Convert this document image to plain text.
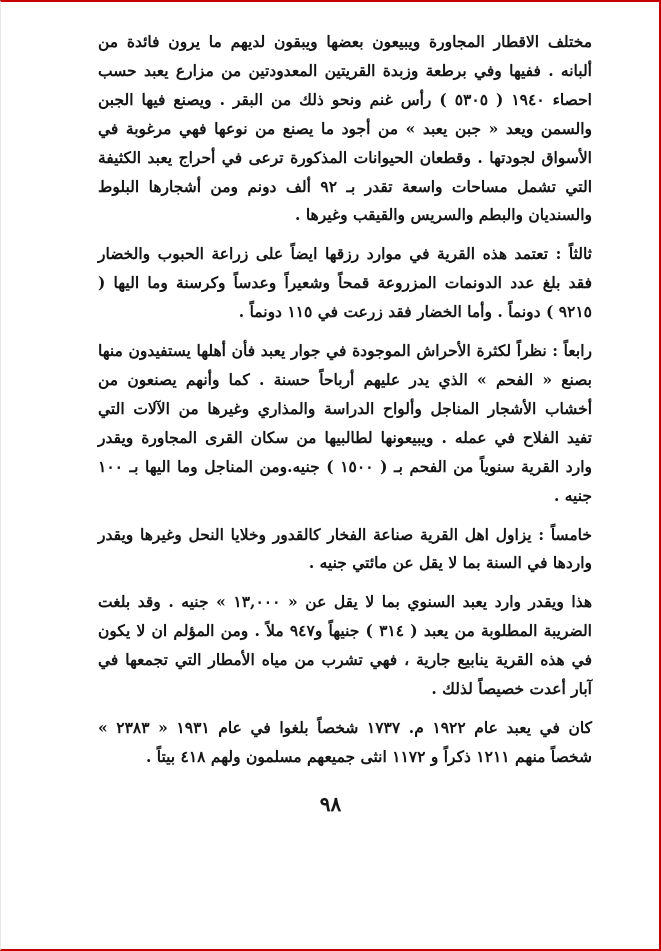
مختلف الاقطار المجاورة ويبيعون بعضها ويبقون لديهم ما يرون فائدة من ألبانه . ففيها وفي برطعة وزبدة القريتين المعدودتين من مزارع يعبد حسب احصاء ١٩٤٠ ( ٥٣٠٥ ) رأس غنم ونحو ذلك من البقر . ويصنع فيها الجبن والسمن ويعد « جبن يعبد » من أجود ما يصنع من نوعها فهي مرغوبة في الأسواق لجودتها . وقطعان الحيوانات المذكورة ترعى في أحراج يعبد الكثيفة التي تشمل مساحات واسعة تقدر بـ ٩٢ ألف دونم ومن أشجارها البلوط والسنديان والبطم والسريس والقيقب وغيرها .

ثالثاً : تعتمد هذه القرية في موارد رزقها ايضاً على زراعة الحبوب والخضار فقد بلغ عدد الدونمات المزروعة قمحاً وشعيراً وعدساً وكرسنة وما اليها ( ٩٢١٥ ) دونماً . وأما الخضار فقد زرعت في ١١٥ دونماً .

رابعاً : نظراً لكثرة الأحراش الموجودة في جوار يعبد فأن أهلها يستفيدون منها بصنع « الفحم » الذي يدر عليهم أرباحاً حسنة . كما وأنهم يصنعون من أخشاب الأشجار المناجل وألواح الدراسة والمذاري وغيرها من الآلات التي تفيد الفلاح في عمله . ويبيعونها لطالبيها من سكان القرى المجاورة ويقدر وارد القرية سنوياً من الفحم بـ ( ١٥٠٠ ) جنيه.ومن المناجل وما اليها بـ ١٠٠ جنيه .

خامساً : يزاول اهل القرية صناعة الفخار كالقدور وخلايا النحل وغيرها ويقدر واردها في السنة بما لا يقل عن مائتي جنيه .

هذا ويقدر وارد يعبد السنوي بما لا يقل عن « ١٣,٠٠٠ » جنيه . وقد بلغت الضريبة المطلوبة من يعبد ( ٣١٤ ) جنيهاً و٩٤٧ ملاً . ومن المؤلم ان لا يكون في هذه القرية ينابيع جارية ، فهي تشرب من مياه الأمطار التي تجمعها في آبار أعدت خصيصاً لذلك .

كان في يعبد عام ١٩٢٢ م. ١٧٣٧ شخصاً بلغوا في عام ١٩٣١ « ٢٣٨٣ » شخصاً منهم ١٢١١ ذكراً و ١١٧٢ انثى جميعهم مسلمون ولهم ٤١٨ بيتاً .

٩٨
